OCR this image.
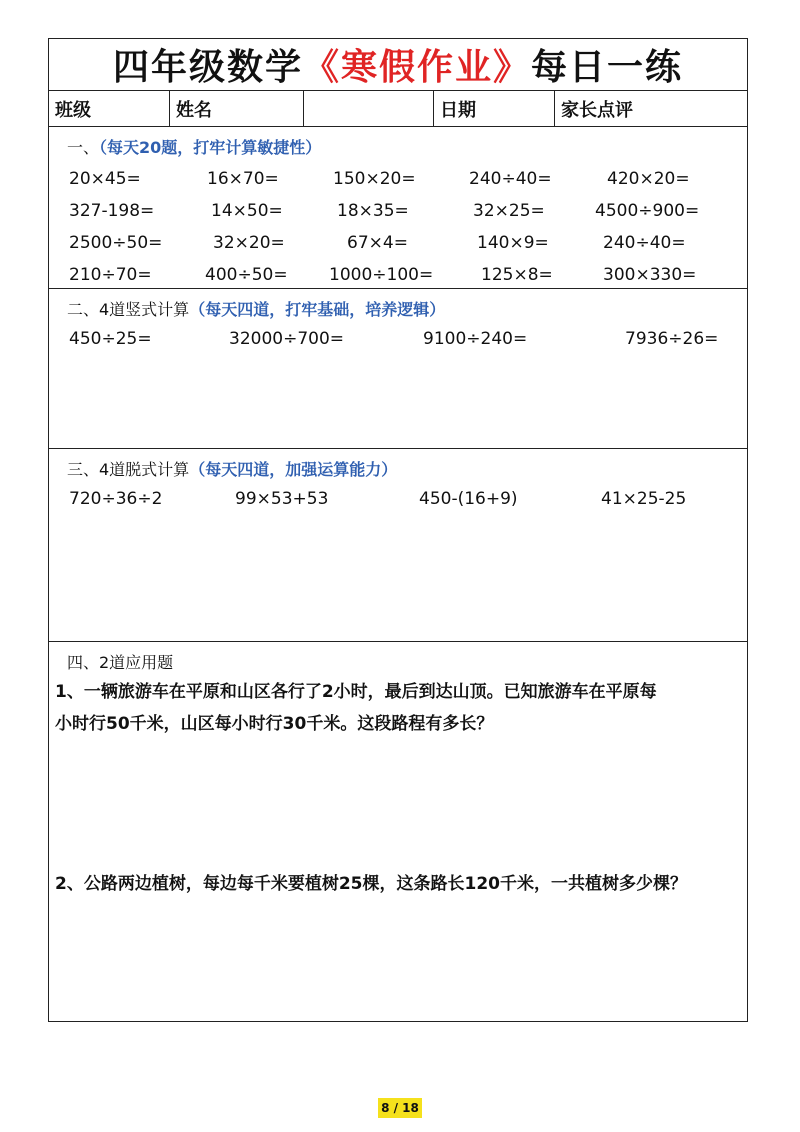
四年级数学 《寒假作业》 每日一练
班级	姓名	日期	家长点评
一、（每天20题，打牢计算敏捷性）
20×45=	16×70=	150×20=	240÷40=	420×20=
327-198=	14×50=	18×35=	32×25=	4500÷900=
2500÷50=	32×20=	67×4=	140×9=	240÷40=
210÷70=	400÷50= 1000÷100=	125×8=	300×330=
二、4道竖式计算（每天四道，打牢基础，培养逻辑）
450÷25=	32000÷700=	9100÷240=	7936÷26=
三、4道脱式计算（每天四道，加强运算能力）
720÷36÷2	99×53+53	450-(16+9)	41×25-25
四、2道应用题
1、一辆旅游车在平原和山区各行了2小时，最后到达山顶。已知旅游车在平原每
小时行50千米，山区每小时行30千米。这段路程有多长？
2、公路两边植树，每边每千米要植树25棵，这条路长120千米，一共植树多少棵？
8 / 18
